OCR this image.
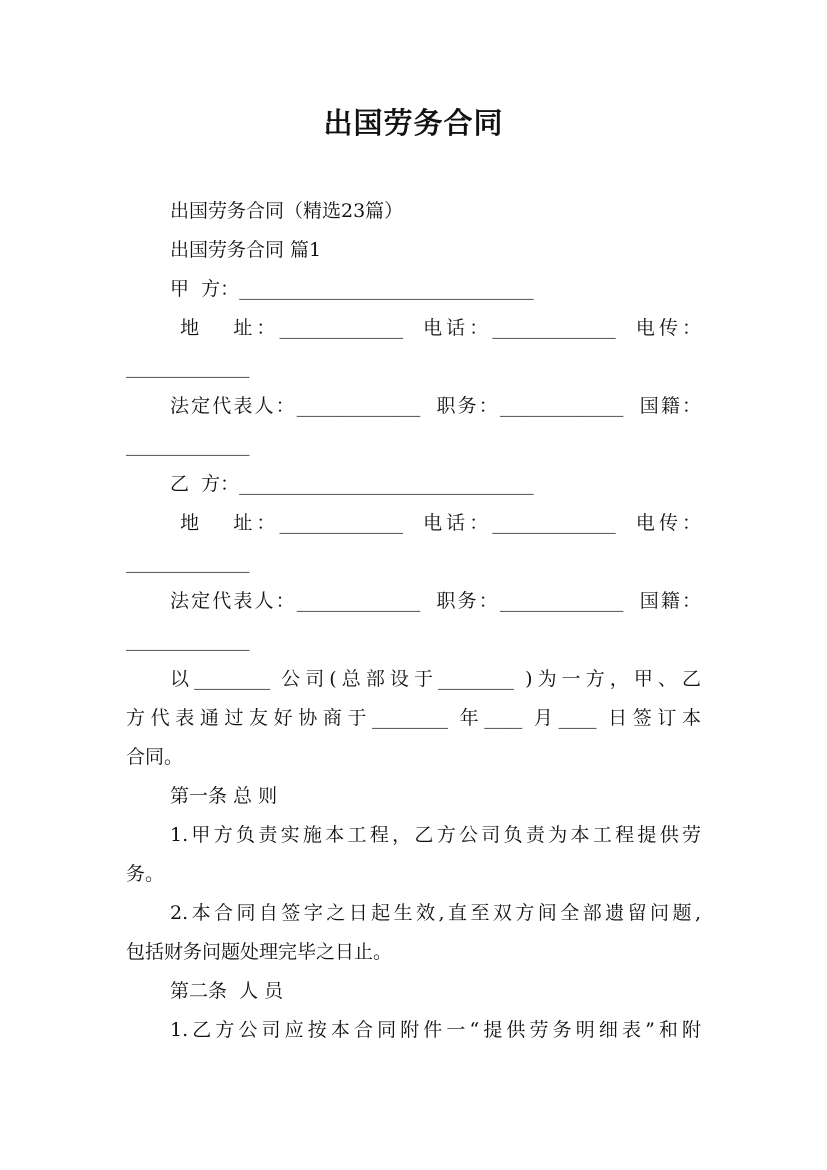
出国劳务合同
出国劳务合同（精选23篇）
出国劳务合同 篇1
甲  方：_______________________________
地   址：_____________  电话：_____________  电传：
_____________
法定代表人：_____________  职务：_____________  国籍：
_____________
乙  方：_______________________________
地   址：_____________  电话：_____________  电传：
_____________
法定代表人：_____________  职务：_____________  国籍：
_____________
以________ 公司(总部设于________ )为一方，甲、乙
方代表通过友好协商于________ 年____ 月____ 日签订本
合同。
第一条 总 则
1.甲方负责实施本工程，乙方公司负责为本工程提供劳
务。
2.本合同自签字之日起生效,直至双方间全部遗留问题,
包括财务问题处理完毕之日止。
第二条  人 员
1.乙方公司应按本合同附件一“提供劳务明细表”和附
